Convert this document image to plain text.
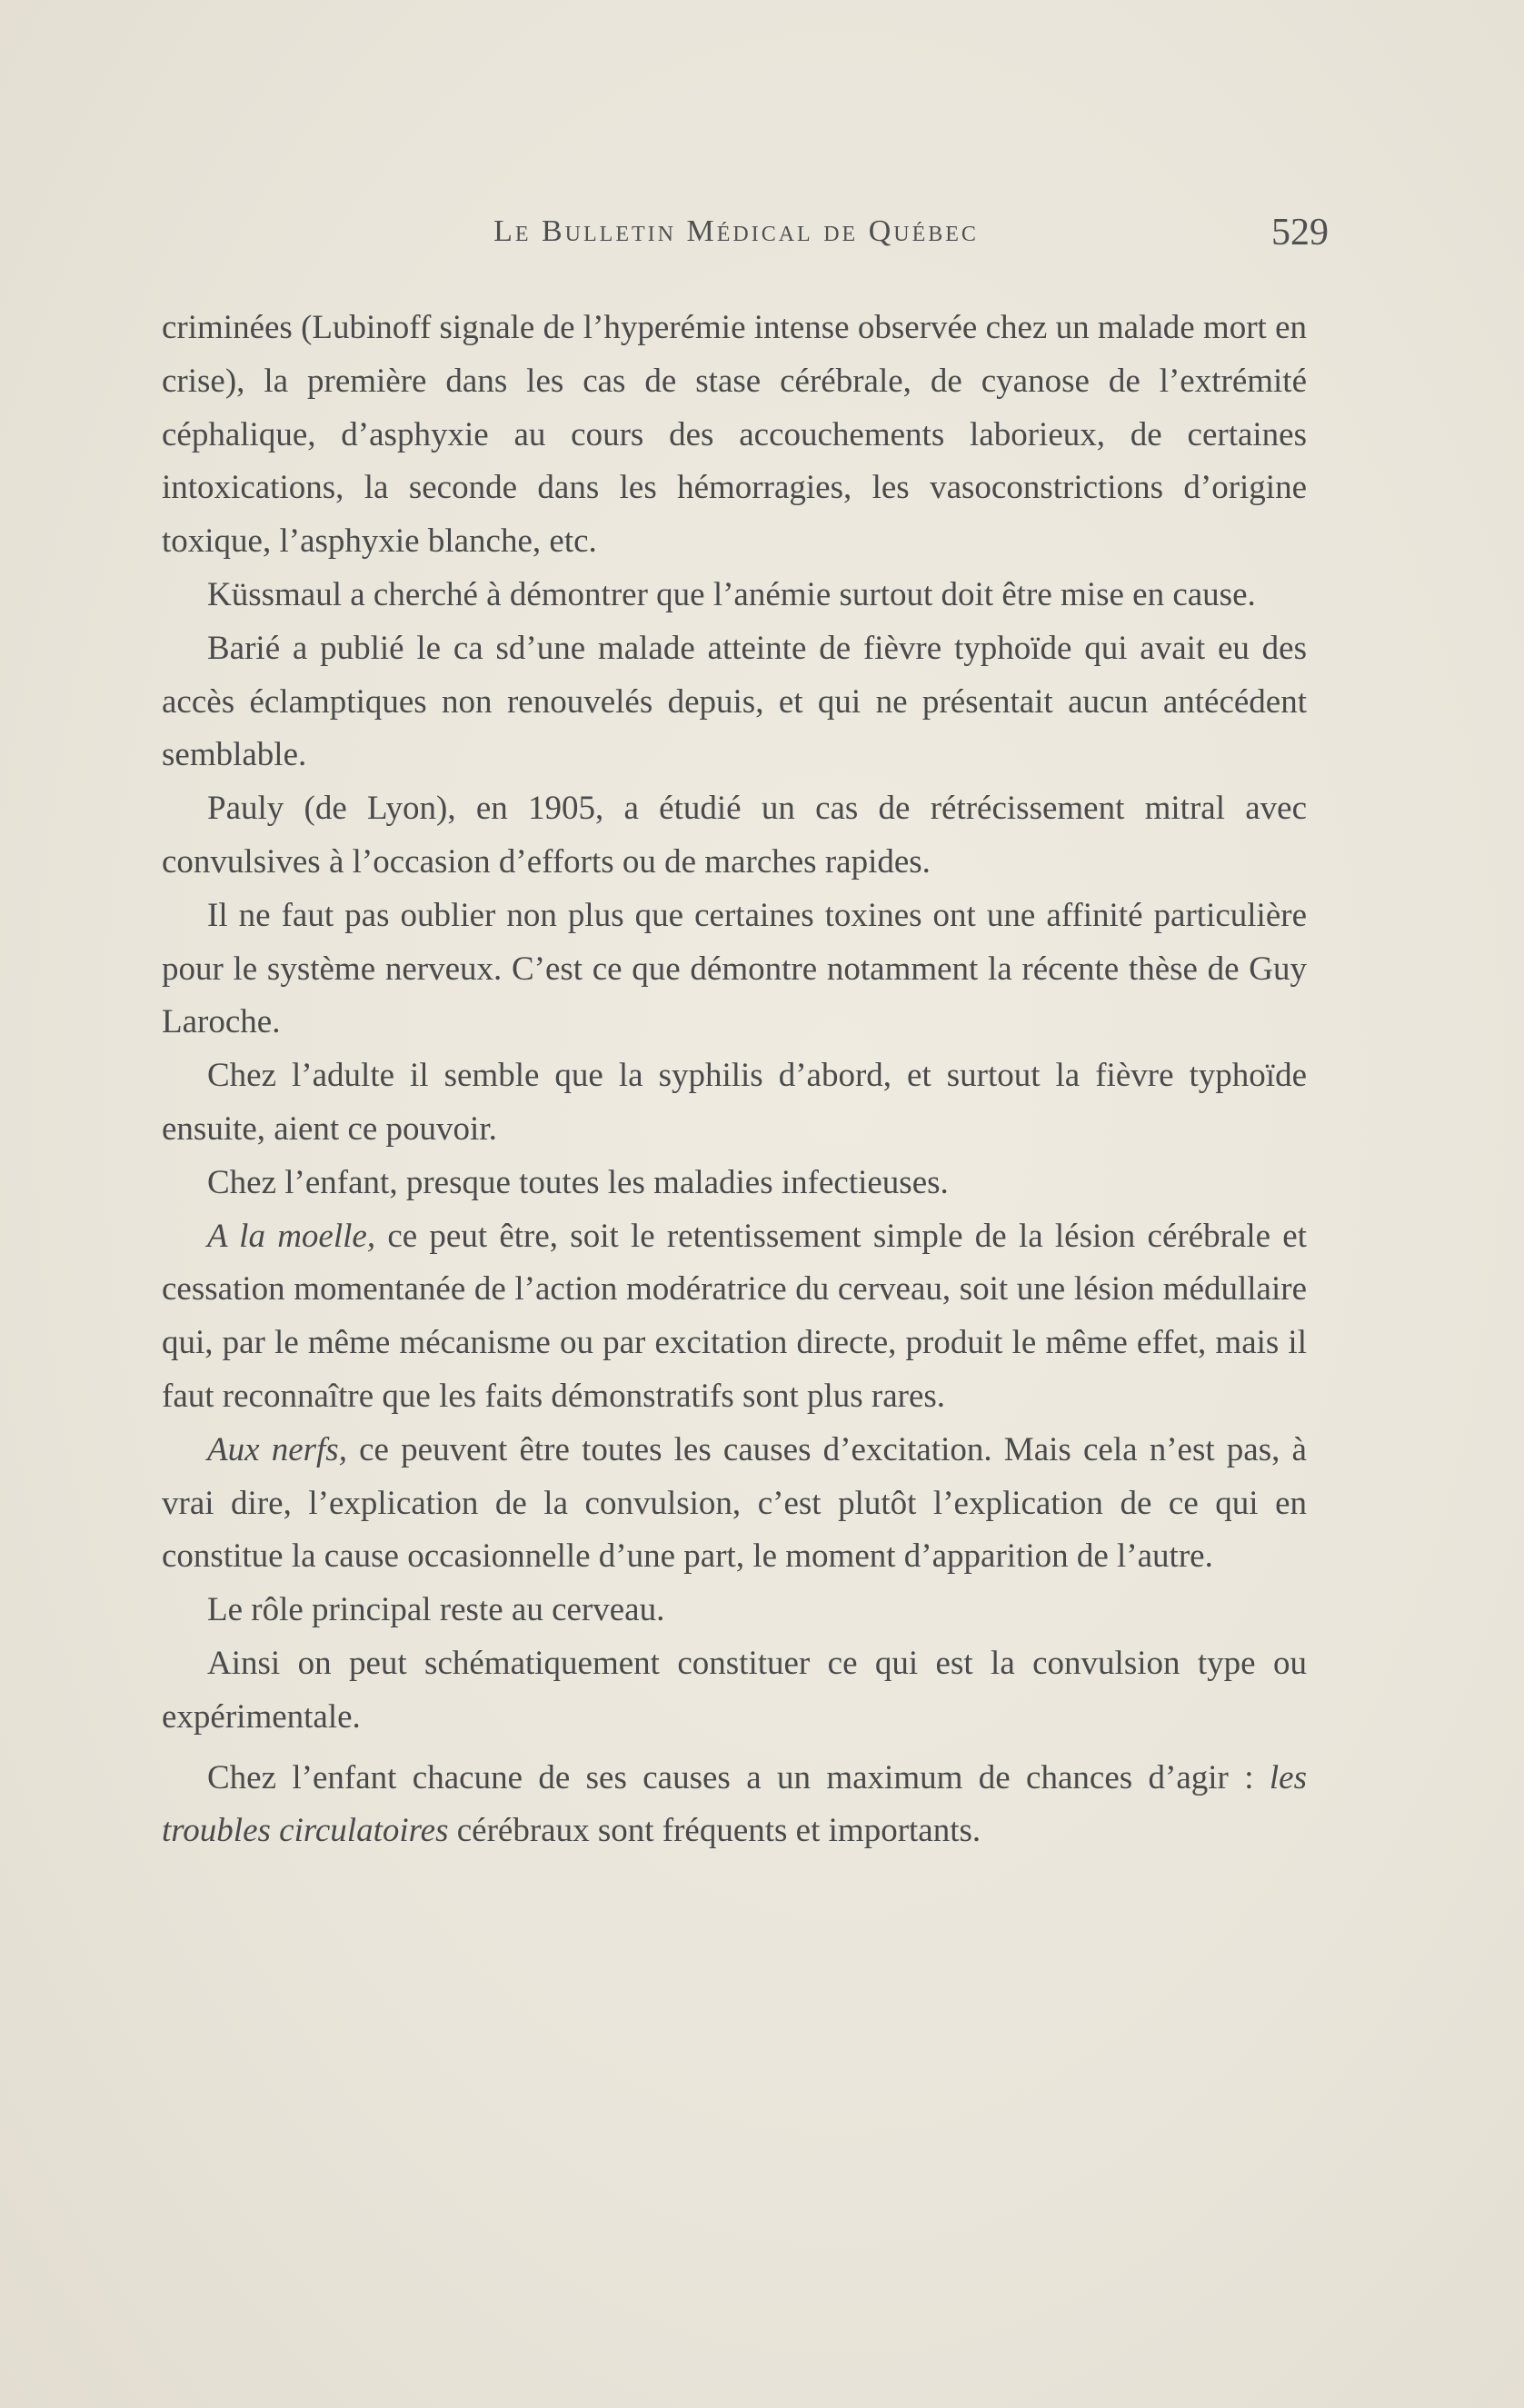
Le Bulletin Médical de Québec	529

criminées (Lubinoff signale de l’hyperémie intense observée chez un malade mort en crise), la première dans les cas de stase cérébrale, de cyanose de l’extrémité céphalique, d’asphyxie au cours des accouchements laborieux, de certaines intoxications, la seconde dans les hémorragies, les vasoconstrictions d’origine toxique, l’asphyxie blanche, etc.

Küssmaul a cherché à démontrer que l’anémie surtout doit être mise en cause.

Barié a publié le ca sd’une malade atteinte de fièvre typhoïde qui avait eu des accès éclamptiques non renouvelés depuis, et qui ne présentait aucun antécédent semblable.

Pauly (de Lyon), en 1905, a étudié un cas de rétrécissement mitral avec convulsives à l’occasion d’efforts ou de marches rapides.

Il ne faut pas oublier non plus que certaines toxines ont une affinité particulière pour le système nerveux. C’est ce que démontre notamment la récente thèse de Guy Laroche.

Chez l’adulte il semble que la syphilis d’abord, et surtout la fièvre typhoïde ensuite, aient ce pouvoir.

Chez l’enfant, presque toutes les maladies infectieuses.

A la moelle, ce peut être, soit le retentissement simple de la lésion cérébrale et cessation momentanée de l’action modératrice du cerveau, soit une lésion médullaire qui, par le même mécanisme ou par excitation directe, produit le même effet, mais il faut reconnaître que les faits démonstratifs sont plus rares.

Aux nerfs, ce peuvent être toutes les causes d’excitation. Mais cela n’est pas, à vrai dire, l’explication de la convulsion, c’est plutôt l’explication de ce qui en constitue la cause occasionnelle d’une part, le moment d’apparition de l’autre.

Le rôle principal reste au cerveau.

Ainsi on peut schématiquement constituer ce qui est la convulsion type ou expérimentale.

Chez l’enfant chacune de ses causes a un maximum de chances d’agir : les troubles circulatoires cérébraux sont fréquents et importants.
